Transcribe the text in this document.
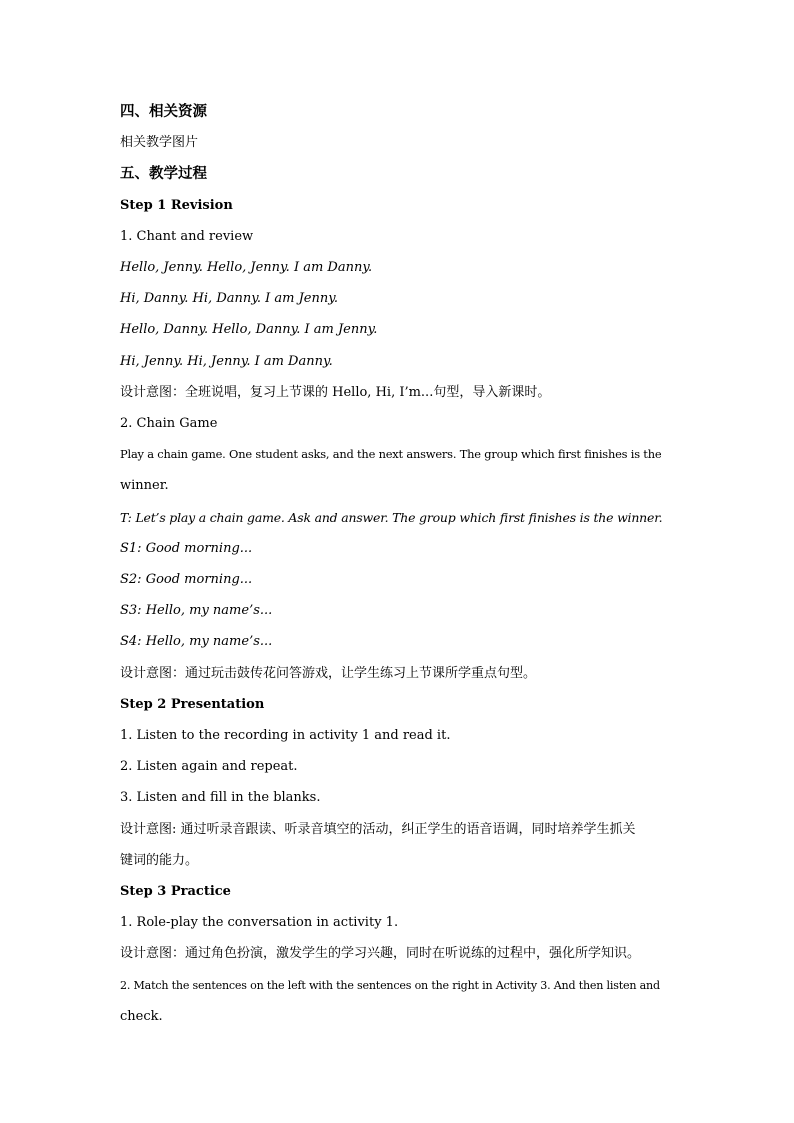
四、相关资源
相关教学图片
五、教学过程
Step 1 Revision
1. Chant and review
Hello, Jenny. Hello, Jenny. I am Danny.
Hi, Danny. Hi, Danny. I am Jenny.
Hello, Danny. Hello, Danny. I am Jenny.
Hi, Jenny. Hi, Jenny. I am Danny.
设计意图：全班说唱，复习上节课的 Hello, Hi, I’m...句型，导入新课时。
2. Chain Game
Play a chain game. One student asks, and the next answers. The group which first finishes is the
winner.
T: Let’s play a chain game. Ask and answer. The group which first finishes is the winner.
S1: Good morning...
S2: Good morning...
S3: Hello, my name’s...
S4: Hello, my name’s...
设计意图：通过玩击鼓传花问答游戏，让学生练习上节课所学重点句型。
Step 2 Presentation
1. Listen to the recording in activity 1 and read it.
2. Listen again and repeat.
3. Listen and fill in the blanks.
设计意图: 通过听录音跟读、听录音填空的活动，纠正学生的语音语调，同时培养学生抓关
键词的能力。
Step 3 Practice
1. Role-play the conversation in activity 1.
设计意图：通过角色扮演，激发学生的学习兴趣，同时在听说练的过程中，强化所学知识。
2. Match the sentences on the left with the sentences on the right in Activity 3. And then listen and
check.
